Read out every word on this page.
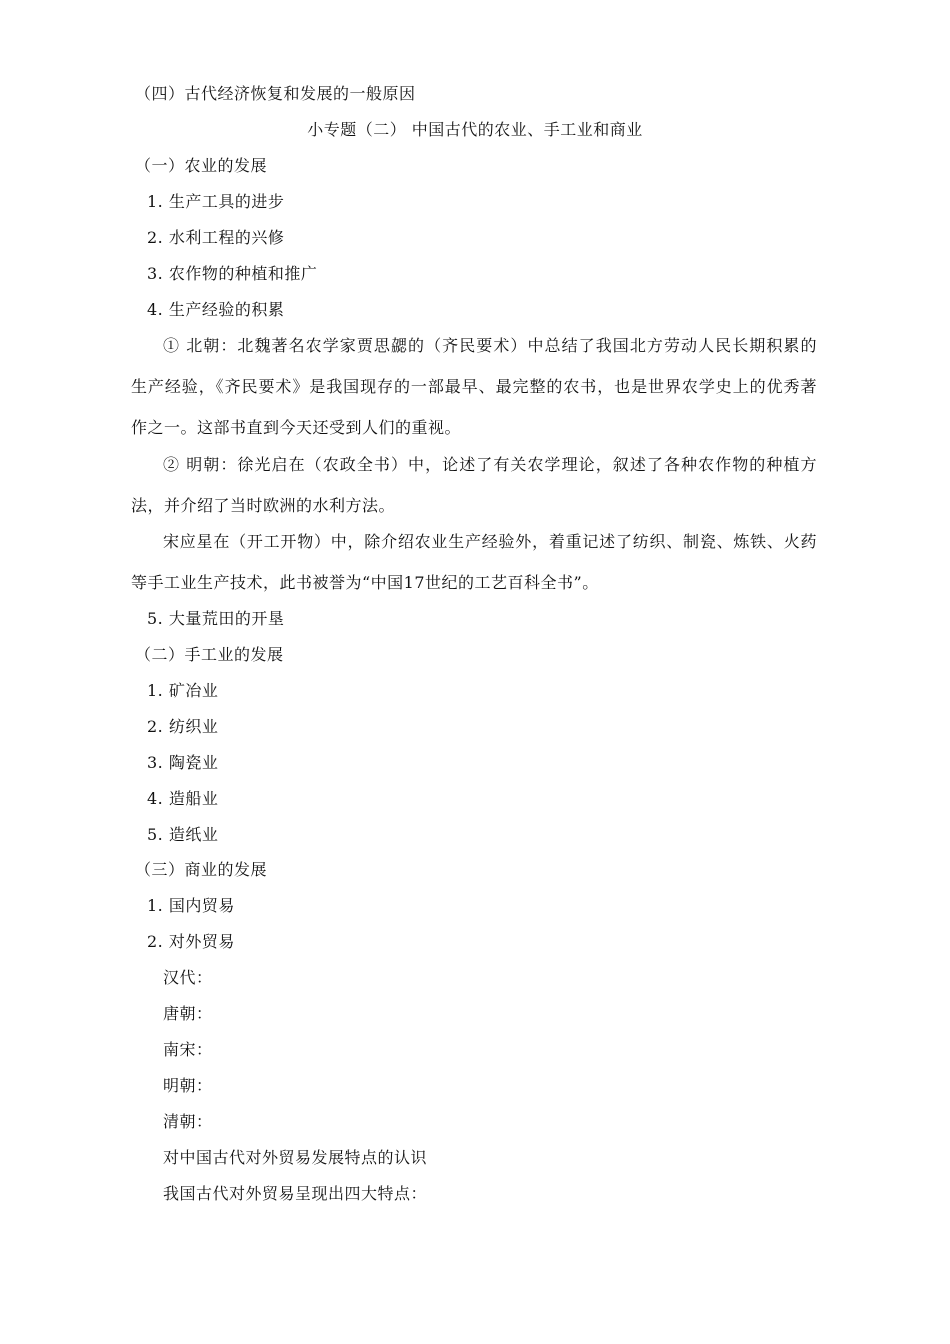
（四）古代经济恢复和发展的一般原因
小专题（二） 中国古代的农业、手工业和商业
（一）农业的发展
1. 生产工具的进步
2. 水利工程的兴修
3. 农作物的种植和推广
4. 生产经验的积累
① 北朝：北魏著名农学家贾思勰的（齐民要术）中总结了我国北方劳动人民长期积累的
生产经验，《齐民要术》是我国现存的一部最早、最完整的农书，也是世界农学史上的优秀著
作之一。这部书直到今天还受到人们的重视。
② 明朝：徐光启在（农政全书）中，论述了有关农学理论，叙述了各种农作物的种植方
法，并介绍了当时欧洲的水利方法。
宋应星在（开工开物）中，除介绍农业生产经验外，着重记述了纺织、制瓷、炼铁、火药
等手工业生产技术，此书被誉为“中国17世纪的工艺百科全书”。
5. 大量荒田的开垦
（二）手工业的发展
1. 矿冶业
2. 纺织业
3. 陶瓷业
4. 造船业
5. 造纸业
（三）商业的发展
1. 国内贸易
2. 对外贸易
汉代：
唐朝：
南宋：
明朝：
清朝：
对中国古代对外贸易发展特点的认识
我国古代对外贸易呈现出四大特点：
